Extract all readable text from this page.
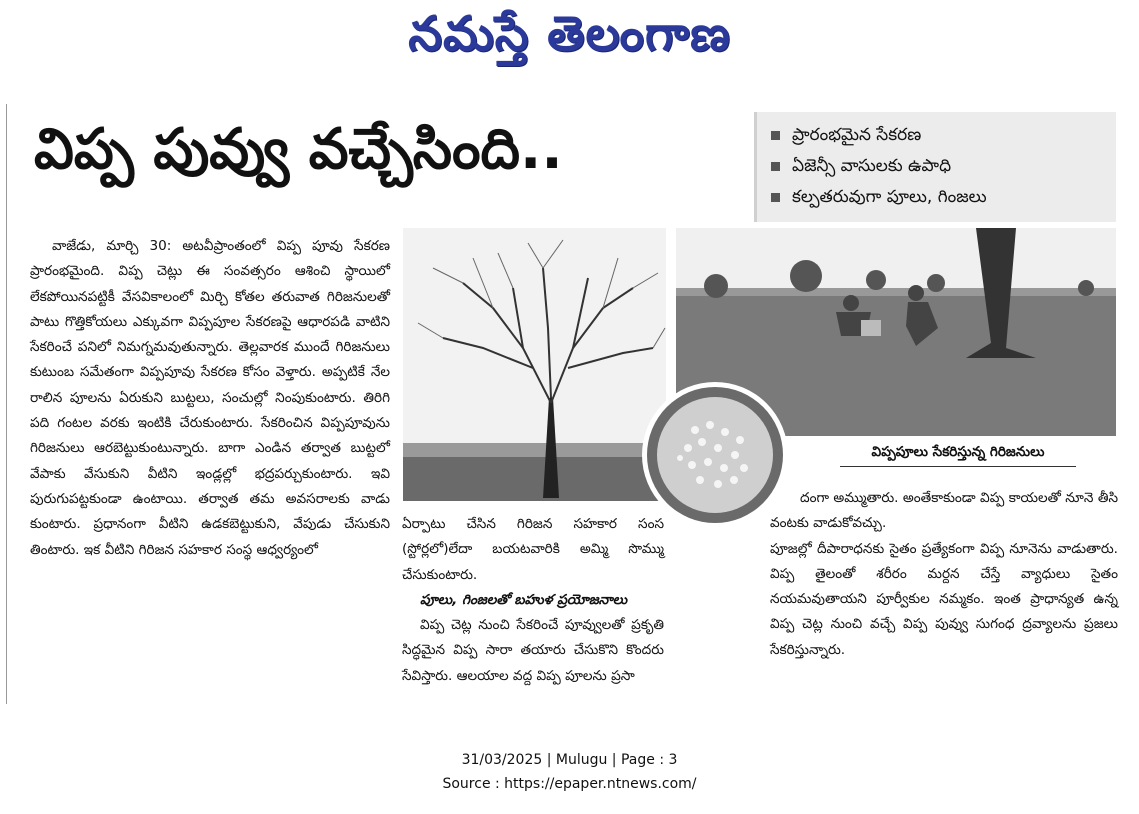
నమస్తే తెలంగాణ
విప్ప పువ్వు వచ్చేసింది..	ప్రారంభమైన సేకరణ
ఏజెన్సీ వాసులకు ఉపాధి
కల్పతరువుగా పూలు, గింజలు

వాజేడు, మార్చి 30: అటవీప్రాంతంలో విప్ప పూవు సేకరణ ప్రారంభమైంది. విప్ప చెట్లు ఈ సంవత్సరం ఆశించి స్థాయిలో లేకపోయినపట్టికీ వేసవికాలంలో మిర్చి కోతల తరువాత గిరిజనులతో పాటు గొత్తికోయలు ఎక్కువగా విప్పపూల సేకరణపై ఆధారపడి వాటిని సేకరించే పనిలో నిమగ్నమవుతున్నారు. తెల్లవారక ముందే గిరిజనులు కుటుంబ సమేతంగా విప్పపూవు సేకరణ కోసం వెళ్తారు. అప్పటికే నేల రాలిన పూలను ఏరుకుని బుట్టలు, సంచుల్లో నింపుకుంటారు. తిరిగి పది గంటల వరకు ఇంటికి చేరుకుంటారు. సేకరించిన విప్పపూవును గిరిజనులు ఆరబెట్టుకుంటున్నారు. బాగా ఎండిన తర్వాత బుట్టలో వేపాకు వేసుకుని వీటిని ఇండ్లల్లో భద్రపర్చుకుంటారు. ఇవి పురుగుపట్టకుండా ఉంటాయి. తర్వాత తమ అవసరాలకు వాడు కుంటారు. ప్రధానంగా వీటిని ఉడకబెట్టుకుని, వేపుడు చేసుకుని తింటారు. ఇక వీటిని గిరిజన సహకార సంస్థ ఆధ్వర్యంలో

విప్పపూలు సేకరిస్తున్న గిరిజనులు

ఏర్పాటు చేసిన గిరిజన సహకార సంస (స్టోర్లలో)లేదా బయటవారికి అమ్మి సొమ్ము చేసుకుంటారు.

పూలు, గింజలతో బహుళ ప్రయోజనాలు

విప్ప చెట్ల నుంచి సేకరించే పూవ్వులతో ప్రకృతి సిద్ధమైన విప్ప సారా తయారు చేసుకొని కొందరు సేవిస్తారు. ఆలయాల వద్ద విప్ప పూలను ప్రసా

దంగా అమ్ముతారు. అంతేకాకుండా విప్ప కాయలతో నూనె తీసి వంటకు వాడుకోవచ్చు.

పూజల్లో దీపారాధనకు సైతం ప్రత్యేకంగా విప్ప నూనెను వాడుతారు. విప్ప తైలంతో శరీరం మర్దన చేస్తే వ్యాధులు సైతం నయమవుతాయని పూర్వీకుల నమ్మకం. ఇంత ప్రాధాన్యత ఉన్న విప్ప చెట్ల నుంచి వచ్చే విప్ప పువ్వు సుగంధ ద్రవ్యాలను ప్రజలు సేకరిస్తున్నారు.

31/03/2025 | Mulugu | Page : 3
Source : https://epaper.ntnews.com/
